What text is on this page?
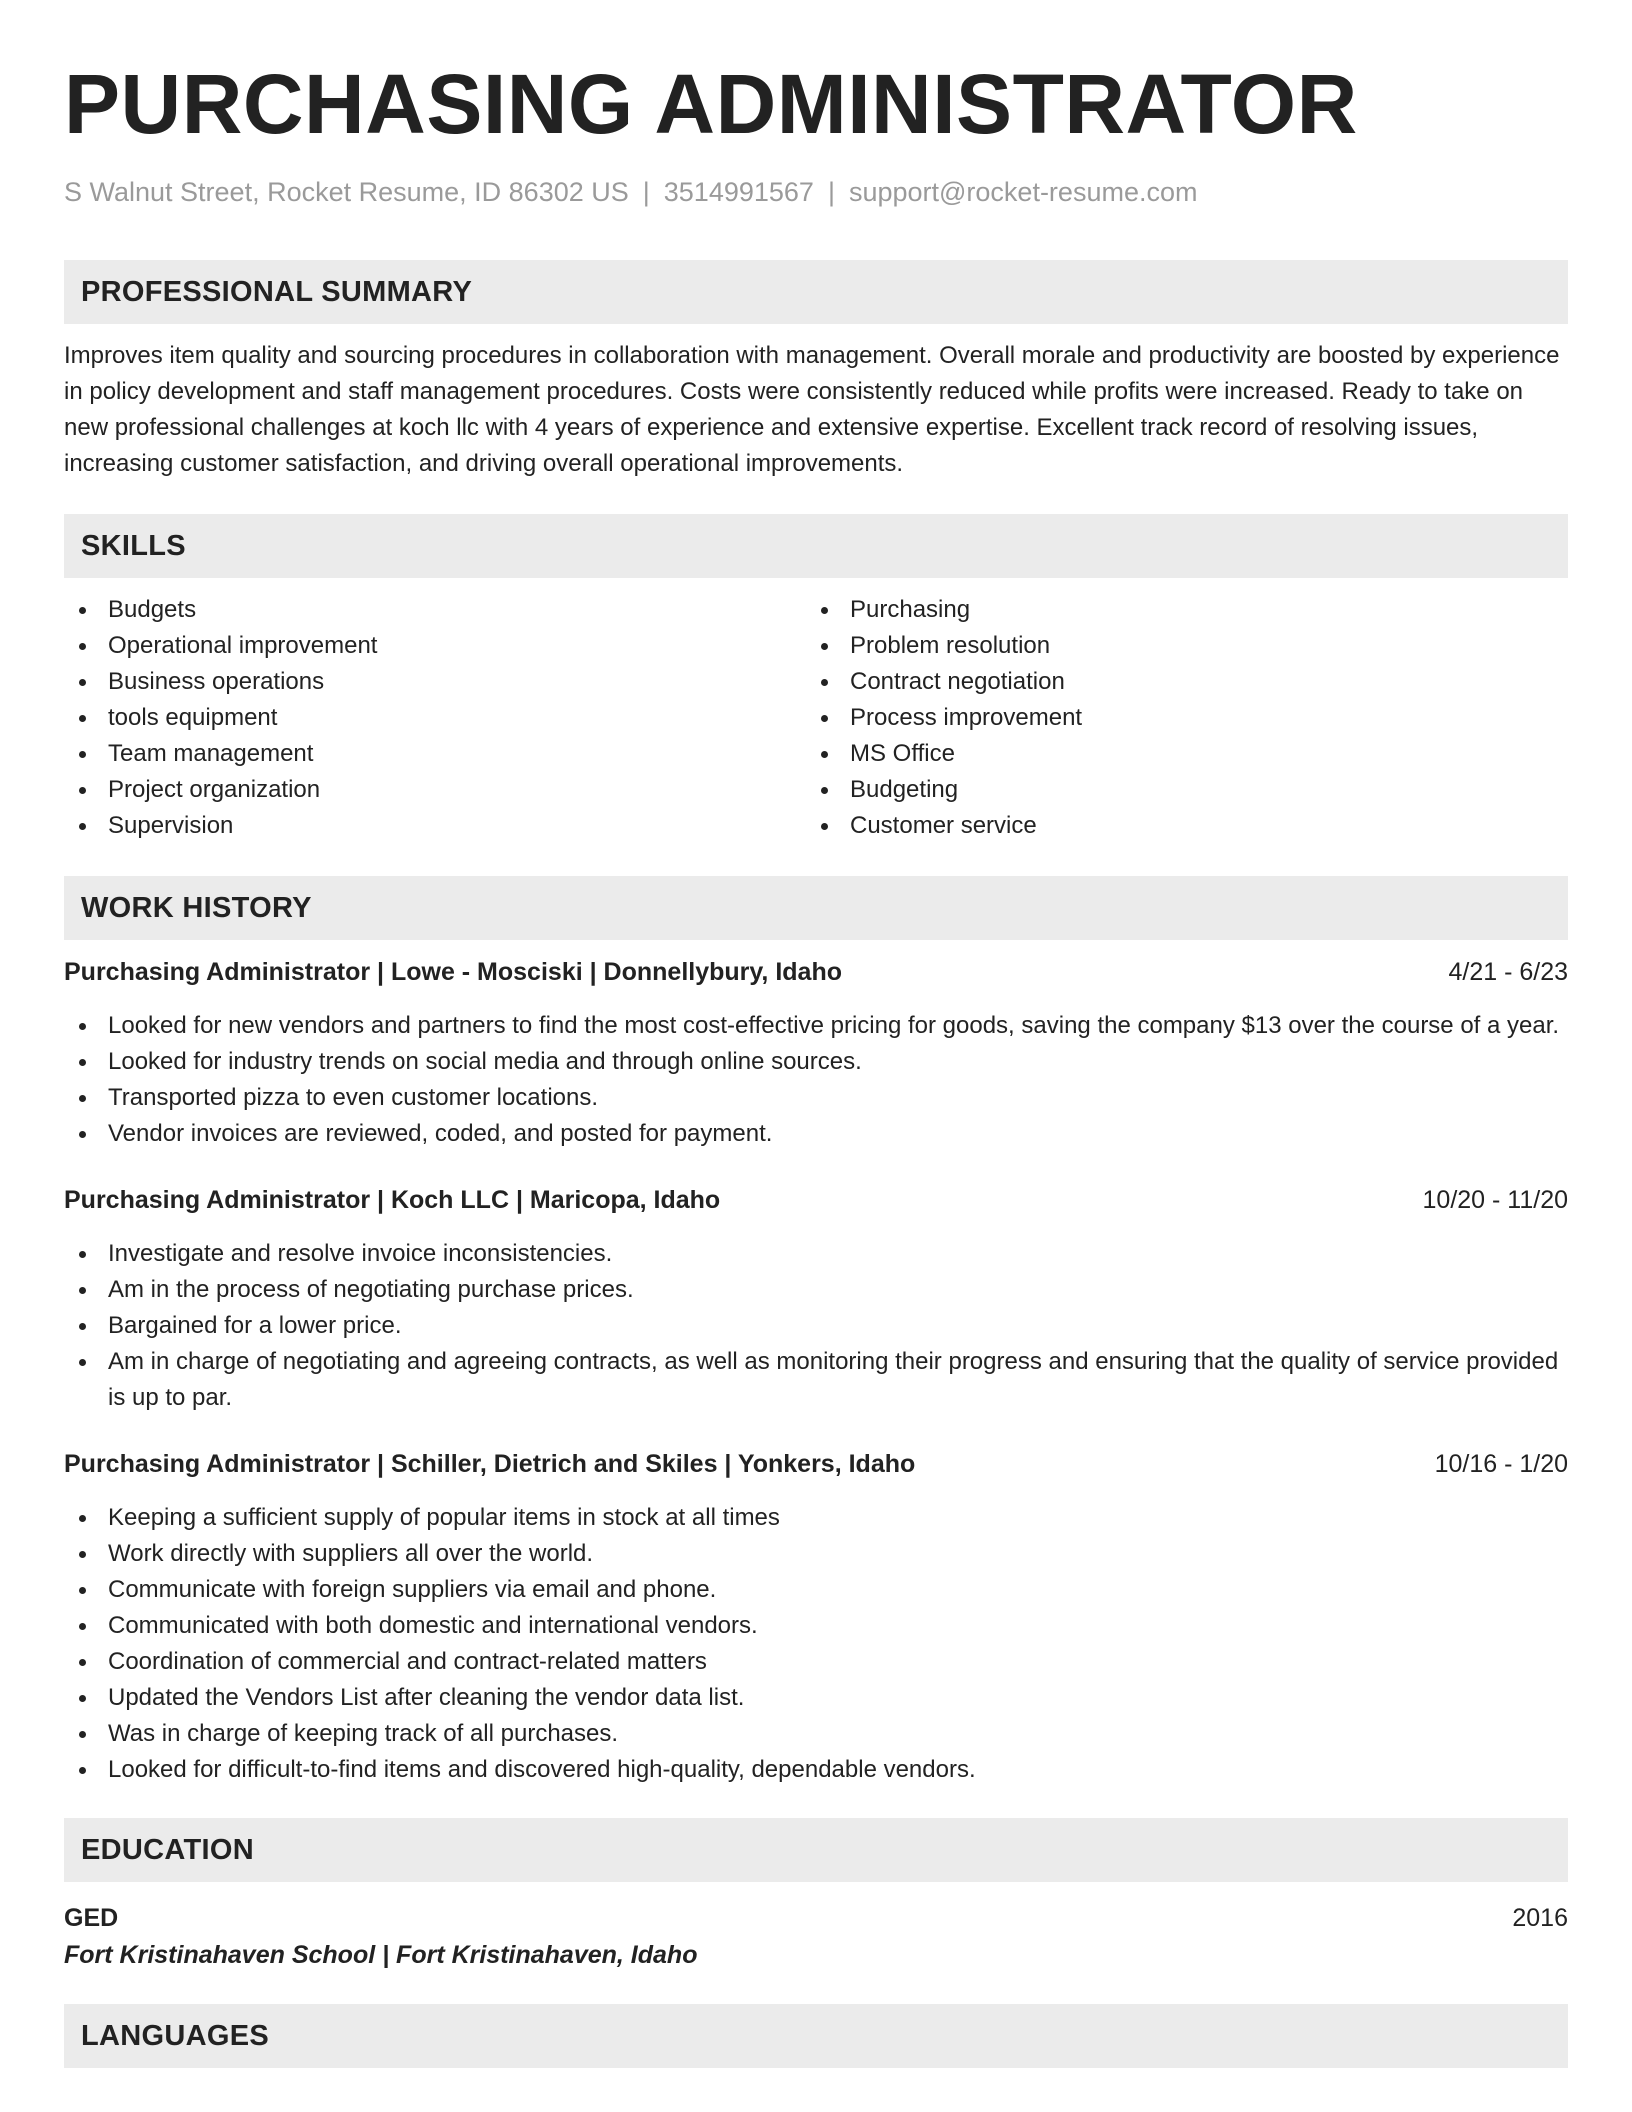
PURCHASING ADMINISTRATOR
S Walnut Street, Rocket Resume, ID 86302 US | 3514991567 | support@rocket-resume.com
PROFESSIONAL SUMMARY
Improves item quality and sourcing procedures in collaboration with management. Overall morale and productivity are boosted by experience in policy development and staff management procedures. Costs were consistently reduced while profits were increased. Ready to take on new professional challenges at koch llc with 4 years of experience and extensive expertise. Excellent track record of resolving issues, increasing customer satisfaction, and driving overall operational improvements.
SKILLS
Budgets
Operational improvement
Business operations
tools equipment
Team management
Project organization
Supervision
Purchasing
Problem resolution
Contract negotiation
Process improvement
MS Office
Budgeting
Customer service
WORK HISTORY
Purchasing Administrator | Lowe - Mosciski | Donnellybury, Idaho	4/21 - 6/23
Looked for new vendors and partners to find the most cost-effective pricing for goods, saving the company $13 over the course of a year.
Looked for industry trends on social media and through online sources.
Transported pizza to even customer locations.
Vendor invoices are reviewed, coded, and posted for payment.
Purchasing Administrator | Koch LLC | Maricopa, Idaho	10/20 - 11/20
Investigate and resolve invoice inconsistencies.
Am in the process of negotiating purchase prices.
Bargained for a lower price.
Am in charge of negotiating and agreeing contracts, as well as monitoring their progress and ensuring that the quality of service provided is up to par.
Purchasing Administrator | Schiller, Dietrich and Skiles | Yonkers, Idaho	10/16 - 1/20
Keeping a sufficient supply of popular items in stock at all times
Work directly with suppliers all over the world.
Communicate with foreign suppliers via email and phone.
Communicated with both domestic and international vendors.
Coordination of commercial and contract-related matters
Updated the Vendors List after cleaning the vendor data list.
Was in charge of keeping track of all purchases.
Looked for difficult-to-find items and discovered high-quality, dependable vendors.
EDUCATION
GED	2016
Fort Kristinahaven School | Fort Kristinahaven, Idaho
LANGUAGES
